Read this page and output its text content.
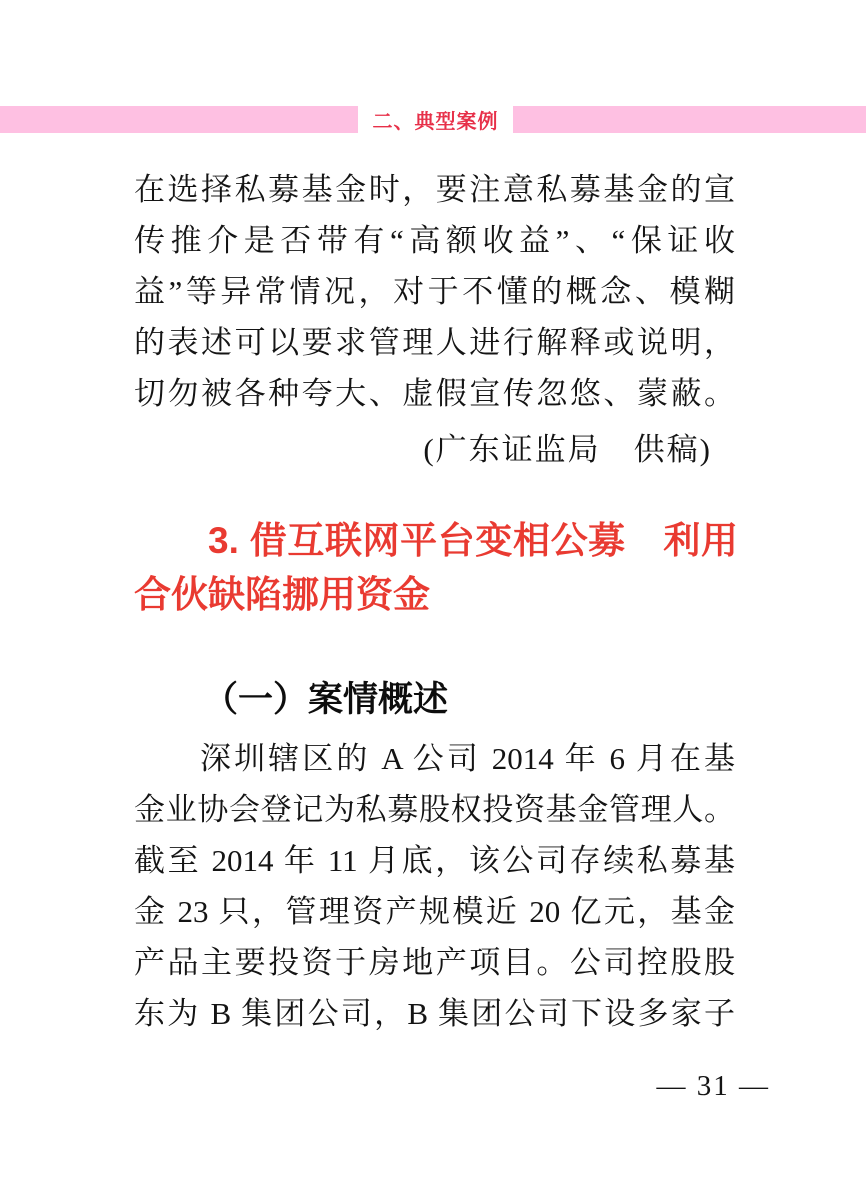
二、典型案例
在选择私募基金时，要注意私募基金的宣
传推介是否带有“高额收益”、“保证收
益”等异常情况，对于不懂的概念、模糊
的表述可以要求管理人进行解释或说明，
切勿被各种夸大、虚假宣传忽悠、蒙蔽。
(广东证监局　供稿)
3. 借互联网平台变相公募　利用
合伙缺陷挪用资金
（一）案情概述
深圳辖区的 A 公司 2014 年 6 月在基
金业协会登记为私募股权投资基金管理人。
截至 2014 年 11 月底，该公司存续私募基
金 23 只，管理资产规模近 20 亿元，基金
产品主要投资于房地产项目。公司控股股
东为 B 集团公司，B 集团公司下设多家子
— 31 —
